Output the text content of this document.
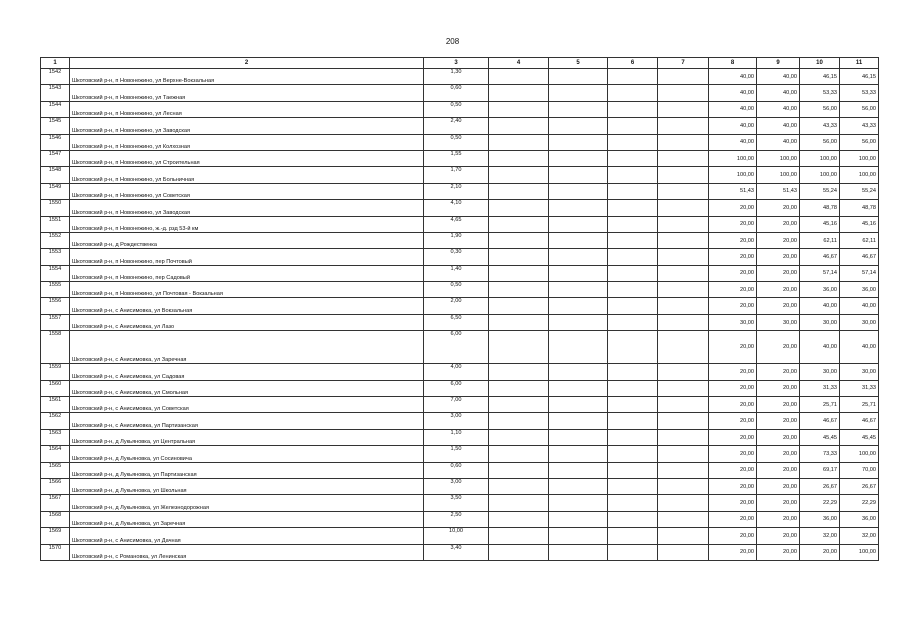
208
1	2	3	4	5	6	7	8	9	10	11
1542	Шкотовский р-н, п Новонежино, ул Верхне-Вокзальная	1,30					40,00	40,00	46,15	46,15
1543	Шкотовский р-н, п Новонежино, ул Таежная	0,60					40,00	40,00	53,33	53,33
1544	Шкотовский р-н, п Новонежино, ул Лесная	0,50					40,00	40,00	56,00	56,00
1545	Шкотовский р-н, п Новонежино, ул Заводская	2,40					40,00	40,00	43,33	43,33
1546	Шкотовский р-н, п Новонежино, ул Колхозная	0,50					40,00	40,00	56,00	56,00
1547	Шкотовский р-н, п Новонежино, ул Строительная	1,55					100,00	100,00	100,00	100,00
1548	Шкотовский р-н, п Новонежино, ул Больничная	1,70					100,00	100,00	100,00	100,00
1549	Шкотовский р-н, п Новонежино, ул Советская	2,10					51,43	51,43	55,24	55,24
1550	Шкотовский р-н, п Новонежино, ул Заводская	4,10					20,00	20,00	48,78	48,78
1551	Шкотовский р-н, п Новонежино, ж.-д. рзд 53-й км	4,65					20,00	20,00	45,16	45,16
1552	Шкотовский р-н, д Рождественка	1,90					20,00	20,00	62,11	62,11
1553	Шкотовский р-н, п Новонежино, пер Почтовый	0,30					20,00	20,00	46,67	46,67
1554	Шкотовский р-н, п Новонежино, пер Садовый	1,40					20,00	20,00	57,14	57,14
1555	Шкотовский р-н, п Новонежино, ул Почтовая - Вокзальная	0,50					20,00	20,00	36,00	36,00
1556	Шкотовский р-н, с Анисимовка, ул Вокзальная	2,00					20,00	20,00	40,00	40,00
1557	Шкотовский р-н, с Анисимовка, ул Лазо	6,50					30,00	30,00	30,00	30,00
1558	Шкотовский р-н, с Анисимовка, ул Заречная	6,00					20,00	20,00	40,00	40,00
1559	Шкотовский р-н, с Анисимовка, ул Садовая	4,00					20,00	20,00	30,00	30,00
1560	Шкотовский р-н, с Анисимовка, ул Смольная	6,00					20,00	20,00	31,33	31,33
1561	Шкотовский р-н, с Анисимовка, ул Советская	7,00					20,00	20,00	25,71	25,71
1562	Шкотовский р-н, с Анисимовка, ул Партизанская	3,00					20,00	20,00	46,67	46,67
1563	Шкотовский р-н, д Лукьяновка, ул Центральная	1,10					20,00	20,00	45,45	45,45
1564	Шкотовский р-н, д Лукьяновка, ул Сосиновича	1,50					20,00	20,00	73,33	100,00
1565	Шкотовский р-н, д Лукьяновка, ул Партизанская	0,60					20,00	20,00	69,17	70,00
1566	Шкотовский р-н, д Лукьяновка, ул Школьная	3,00					20,00	20,00	26,67	26,67
1567	Шкотовский р-н, д Лукьяновка, ул Железнодорожная	3,50					20,00	20,00	22,29	22,29
1568	Шкотовский р-н, д Лукьяновка, ул Заречная	2,50					20,00	20,00	36,00	36,00
1569	Шкотовский р-н, с Анисимовка, ул Дачная	10,00					20,00	20,00	32,00	32,00
1570	Шкотовский р-н, с Романовка, ул Ленинская	3,40					20,00	20,00	20,00	100,00
